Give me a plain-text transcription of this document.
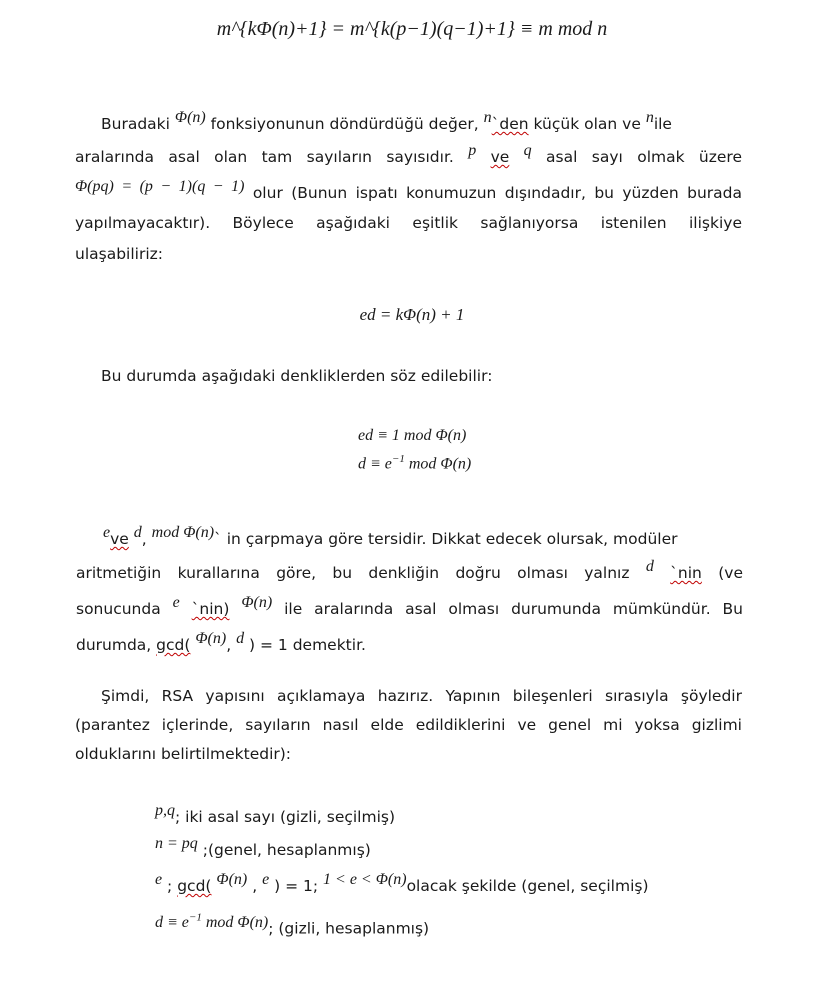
m^{kΦ(n)+1} = m^{k(p−1)(q−1)+1} ≡ m mod n
Buradaki Φ(n) fonksiyonunun döndürdüğü değer, n`den küçük olan ve nile
aralarında asal olan tam sayıların sayısıdır. p ve q asal sayı olmak üzere
Φ(pq) = (p − 1)(q − 1) olur (Bunun ispatı konumuzun dışındadır, bu yüzden burada
yapılmayacaktır). Böylece aşağıdaki eşitlik sağlanıyorsa istenilen ilişkiye
ulaşabiliriz:
ed = kΦ(n) + 1
Bu durumda aşağıdaki denkliklerden söz edilebilir:
ed ≡ 1 mod Φ(n)
$d \equiv e^{-1}$ mod Φ(n)
eve d, mod Φ(n)` in çarpmaya göre tersidir. Dikkat edecek olursak, modüler
aritmetiğin kurallarına göre, bu denkliğin doğru olması yalnız d `nin (ve
sonucunda e `nin) Φ(n) ile aralarında asal olması durumunda mümkündür. Bu
durumda, gcd( Φ(n), d ) = 1 demektir.
Şimdi, RSA yapısını açıklamaya hazırız. Yapının bileşenleri sırasıyla şöyledir (parantez içlerinde, sayıların nasıl elde edildiklerini ve genel mi yoksa gizlimi olduklarını belirtilmektedir):
p,q; iki asal sayı (gizli, seçilmiş)
n = pq ;(genel, hesaplanmış)
e ; gcd( Φ(n) , e ) = 1; 1 < e < Φ(n)olacak şekilde (genel, seçilmiş)
$d \equiv e^{-1}$ mod Φ(n); (gizli, hesaplanmış)
